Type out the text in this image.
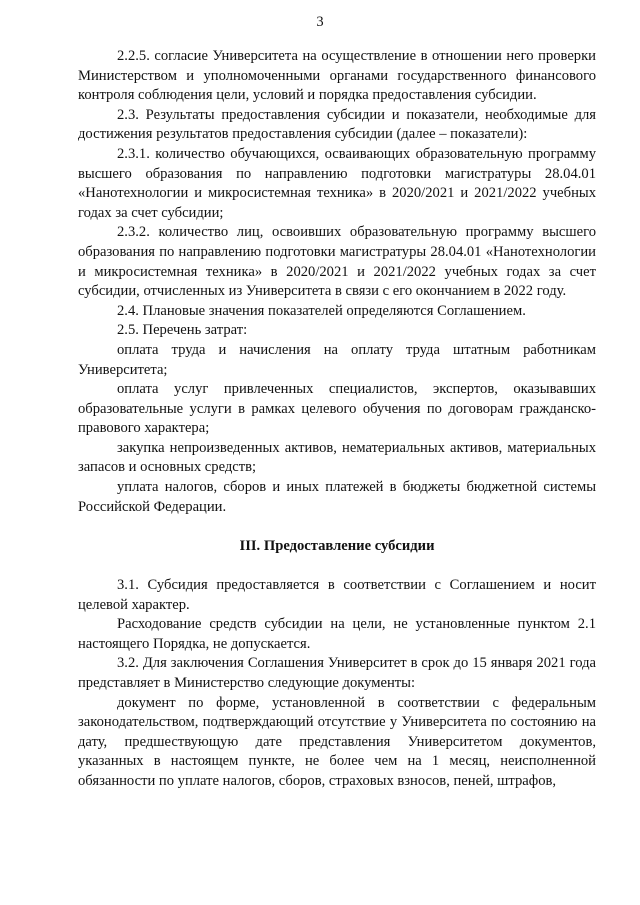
3

2.2.5. согласие Университета на осуществление в отношении него проверки Министерством и уполномоченными органами государственного финансового контроля соблюдения цели, условий и порядка предоставления субсидии.

2.3. Результаты предоставления субсидии и показатели, необходимые для достижения результатов предоставления субсидии (далее – показатели):

2.3.1. количество обучающихся, осваивающих образовательную программу высшего образования по направлению подготовки магистратуры 28.04.01 «Нанотехнологии и микросистемная техника» в 2020/2021 и 2021/2022 учебных годах за счет субсидии;

2.3.2. количество лиц, освоивших образовательную программу высшего образования по направлению подготовки магистратуры 28.04.01 «Нанотехнологии и микросистемная техника» в 2020/2021 и 2021/2022 учебных годах за счет субсидии, отчисленных из Университета в связи с его окончанием в 2022 году.

2.4. Плановые значения показателей определяются Соглашением.

2.5. Перечень затрат:

оплата труда и начисления на оплату труда штатным работникам Университета;

оплата услуг привлеченных специалистов, экспертов, оказывавших образовательные услуги в рамках целевого обучения по договорам гражданско-правового характера;

закупка непроизведенных активов, нематериальных активов, материальных запасов и основных средств;

уплата налогов, сборов и иных платежей в бюджеты бюджетной системы Российской Федерации.

III. Предоставление субсидии

3.1. Субсидия предоставляется в соответствии с Соглашением и носит целевой характер.

Расходование средств субсидии на цели, не установленные пунктом 2.1 настоящего Порядка, не допускается.

3.2. Для заключения Соглашения Университет в срок до 15 января 2021 года представляет в Министерство следующие документы:

документ по форме, установленной в соответствии с федеральным законодательством, подтверждающий отсутствие у Университета по состоянию на дату, предшествующую дате представления Университетом документов, указанных в настоящем пункте, не более чем на 1 месяц, неисполненной обязанности по уплате налогов, сборов, страховых взносов, пеней, штрафов,
